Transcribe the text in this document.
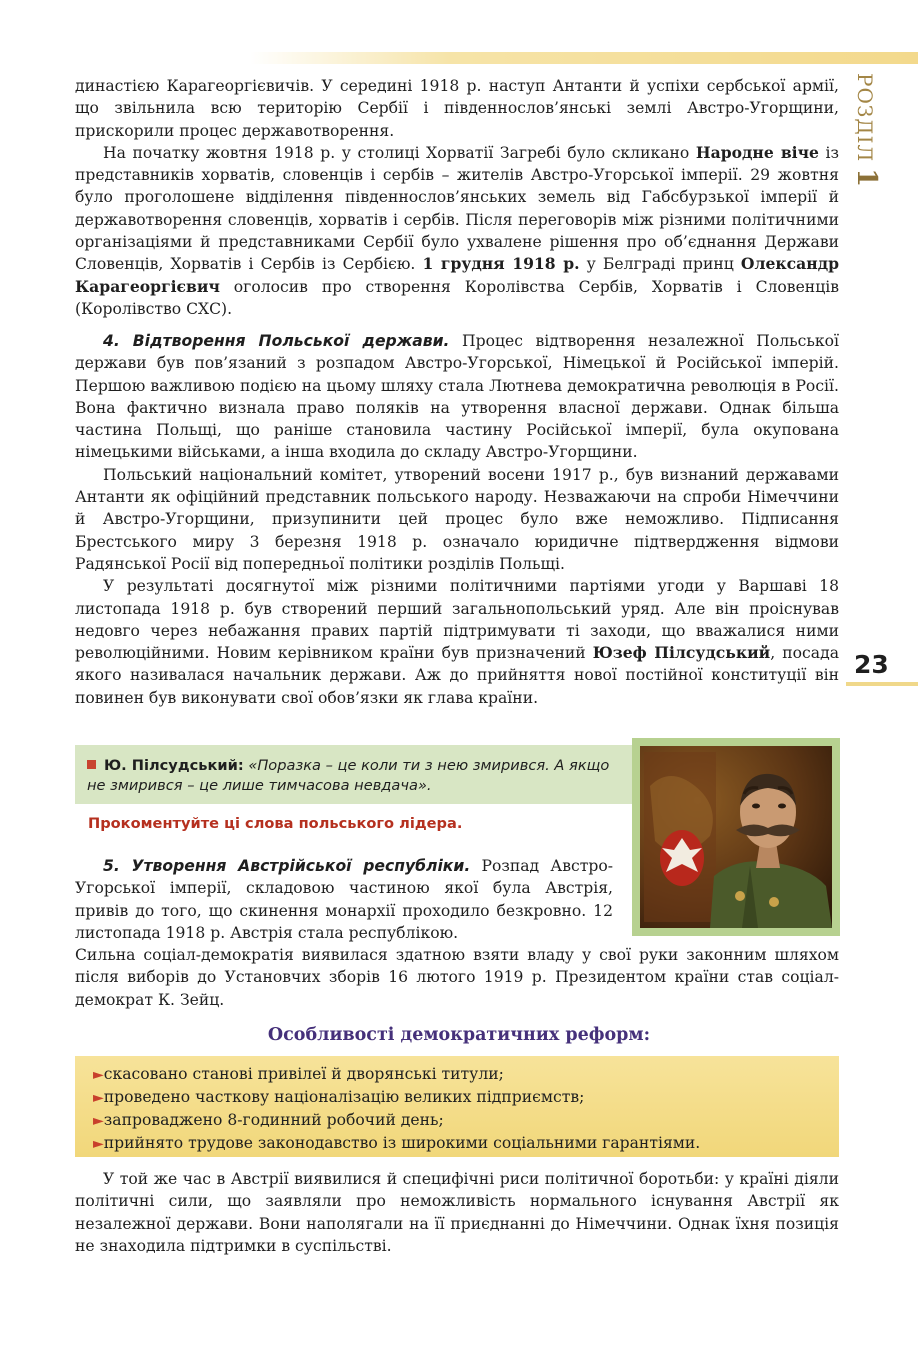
РОЗДІЛ1
23

династією Карагеоргієвичів. У середині 1918 р. наступ Антанти й успіхи сербської армії, що звільнила всю територію Сербії і південнослов’янські землі Австро-Угорщини, прискорили процес державотворення.

На початку жовтня 1918 р. у столиці Хорватії Загребі було скликано Народне віче із представників хорватів, словенців і сербів – жителів Австро-Угорської імперії. 29 жовтня було проголошене відділення південнослов’янських земель від Габсбурзької імперії й державотворення словенців, хорватів і сербів. Після переговорів між різними політичними організаціями й представниками Сербії було ухвалене рішення про об’єднання Держави Словенців, Хорватів і Сербів із Сербією. 1 грудня 1918 р. у Белграді принц Олександр Карагеоргієвич оголосив про створення Королівства Сербів, Хорватів і Словенців (Королівство СХС).

4. Відтворення Польської держави. Процес відтворення незалежної Польської держави був пов’язаний з розпадом Австро-Угорської, Німецької й Російської імперій. Першою важливою подією на цьому шляху стала Лютнева демократична революція в Росії. Вона фактично визнала право поляків на утворення власної держави. Однак більша частина Польщі, що раніше становила частину Російської імперії, була окупована німецькими військами, а інша входила до складу Австро-Угорщини.

Польський національний комітет, утворений восени 1917 р., був визнаний державами Антанти як офіційний представник польського народу. Незважаючи на спроби Німеччини й Австро-Угорщини, призупинити цей процес було вже неможливо. Підписання Брестського миру 3 березня 1918 р. означало юридичне підтвердження відмови Радянської Росії від попередньої політики розділів Польщі.

У результаті досягнутої між різними політичними партіями угоди у Варшаві 18 листопада 1918 р. був створений перший загальнопольський уряд. Але він проіснував недовго через небажання правих партій підтримувати ті заходи, що вважалися ними революційними. Новим керівником країни був призначений Юзеф Пілсудський, посада якого називалася начальник держави. Аж до прийняття нової постійної конституції він повинен був виконувати свої обов’язки як глава країни.

Ю. Пілсудський: «Поразка – це коли ти з нею змирився. А якщо не змирився – це лише тимчасова невдача».
Прокоментуйте ці слова польського лідера.

5. Утворення Австрійської республіки. Розпад Австро-Угорської імперії, складовою частиною якої була Австрія, привів до того, що скинення монархії проходило безкровно. 12 листопада 1918 р. Австрія стала республікою.

Сильна соціал-демократія виявилася здатною взяти владу у свої руки законним шляхом після виборів до Установчих зборів 16 лютого 1919 р. Президентом країни став соціал-демократ К. Зейц.

Особливості демократичних реформ:
►скасовано станові привілеї й дворянські титули;
►проведено часткову націоналізацію великих підприємств;
►запроваджено 8-годинний робочий день;
►прийнято трудове законодавство із широкими соціальними гарантіями.

У той же час в Австрії виявилися й специфічні риси політичної боротьби: у країні діяли політичні сили, що заявляли про неможливість нормального існування Австрії як незалежної держави. Вони наполягали на її приєднанні до Німеччини. Однак їхня позиція не знаходила підтримки в суспільстві.
